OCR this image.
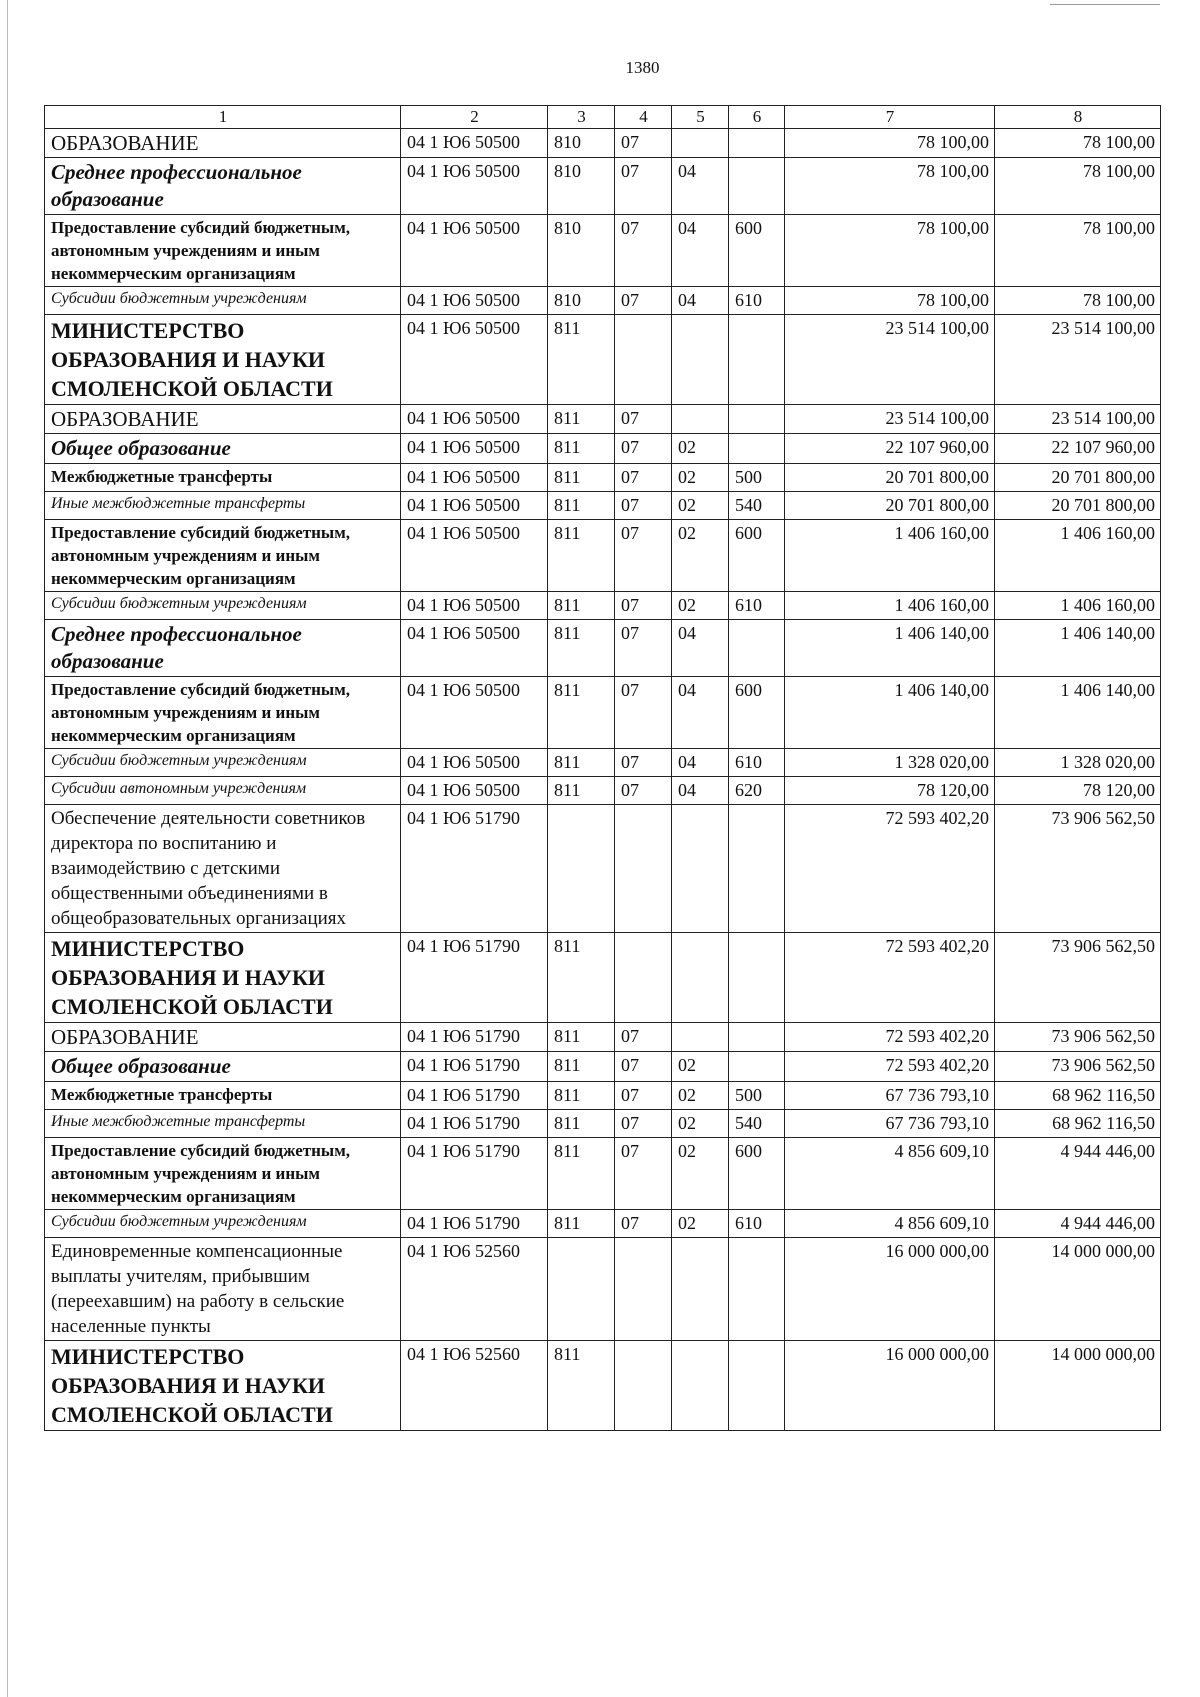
1380
1	2	3	4	5	6	7	8
ОБРАЗОВАНИЕ	04 1 Ю6 50500	810	07			78 100,00	78 100,00
Среднее профессиональное образование	04 1 Ю6 50500	810	07	04		78 100,00	78 100,00
Предоставление субсидий бюджетным, автономным учреждениям и иным некоммерческим организациям	04 1 Ю6 50500	810	07	04	600	78 100,00	78 100,00
Субсидии бюджетным учреждениям	04 1 Ю6 50500	810	07	04	610	78 100,00	78 100,00
МИНИСТЕРСТВО ОБРАЗОВАНИЯ И НАУКИ СМОЛЕНСКОЙ ОБЛАСТИ	04 1 Ю6 50500	811				23 514 100,00	23 514 100,00
ОБРАЗОВАНИЕ	04 1 Ю6 50500	811	07			23 514 100,00	23 514 100,00
Общее образование	04 1 Ю6 50500	811	07	02		22 107 960,00	22 107 960,00
Межбюджетные трансферты	04 1 Ю6 50500	811	07	02	500	20 701 800,00	20 701 800,00
Иные межбюджетные трансферты	04 1 Ю6 50500	811	07	02	540	20 701 800,00	20 701 800,00
Предоставление субсидий бюджетным, автономным учреждениям и иным некоммерческим организациям	04 1 Ю6 50500	811	07	02	600	1 406 160,00	1 406 160,00
Субсидии бюджетным учреждениям	04 1 Ю6 50500	811	07	02	610	1 406 160,00	1 406 160,00
Среднее профессиональное образование	04 1 Ю6 50500	811	07	04		1 406 140,00	1 406 140,00
Предоставление субсидий бюджетным, автономным учреждениям и иным некоммерческим организациям	04 1 Ю6 50500	811	07	04	600	1 406 140,00	1 406 140,00
Субсидии бюджетным учреждениям	04 1 Ю6 50500	811	07	04	610	1 328 020,00	1 328 020,00
Субсидии автономным учреждениям	04 1 Ю6 50500	811	07	04	620	78 120,00	78 120,00
Обеспечение деятельности советников директора по воспитанию и взаимодействию с детскими общественными объединениями в общеобразовательных организациях	04 1 Ю6 51790					72 593 402,20	73 906 562,50
МИНИСТЕРСТВО ОБРАЗОВАНИЯ И НАУКИ СМОЛЕНСКОЙ ОБЛАСТИ	04 1 Ю6 51790	811				72 593 402,20	73 906 562,50
ОБРАЗОВАНИЕ	04 1 Ю6 51790	811	07			72 593 402,20	73 906 562,50
Общее образование	04 1 Ю6 51790	811	07	02		72 593 402,20	73 906 562,50
Межбюджетные трансферты	04 1 Ю6 51790	811	07	02	500	67 736 793,10	68 962 116,50
Иные межбюджетные трансферты	04 1 Ю6 51790	811	07	02	540	67 736 793,10	68 962 116,50
Предоставление субсидий бюджетным, автономным учреждениям и иным некоммерческим организациям	04 1 Ю6 51790	811	07	02	600	4 856 609,10	4 944 446,00
Субсидии бюджетным учреждениям	04 1 Ю6 51790	811	07	02	610	4 856 609,10	4 944 446,00
Единовременные компенсационные выплаты учителям, прибывшим (переехавшим) на работу в сельские населенные пункты	04 1 Ю6 52560					16 000 000,00	14 000 000,00
МИНИСТЕРСТВО ОБРАЗОВАНИЯ И НАУКИ СМОЛЕНСКОЙ ОБЛАСТИ	04 1 Ю6 52560	811				16 000 000,00	14 000 000,00
